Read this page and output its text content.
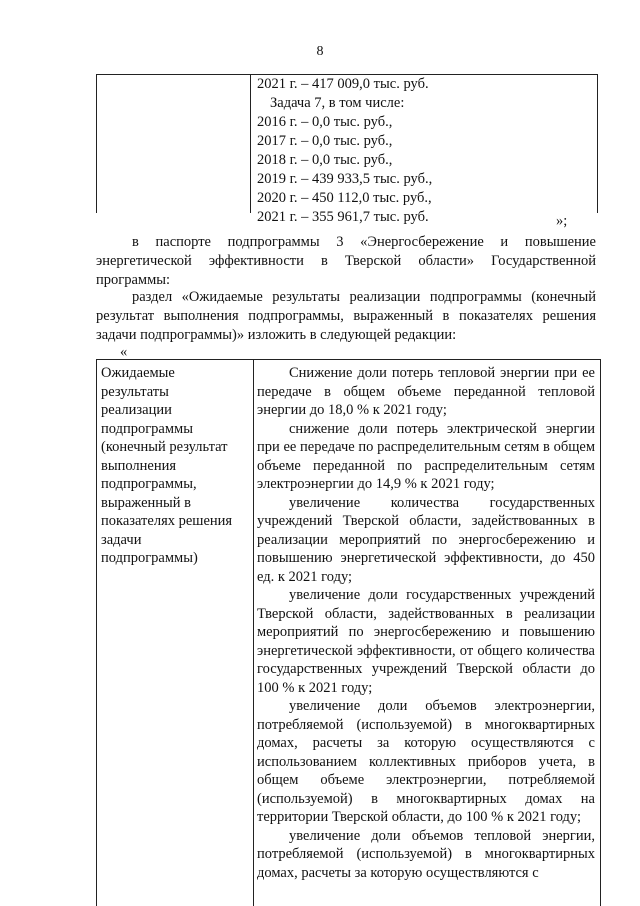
8
2021 г. – 417 009,0 тыс. руб.
Задача 7, в том числе:
2016 г. – 0,0 тыс. руб.,
2017 г. – 0,0 тыс. руб.,
2018 г. – 0,0 тыс. руб.,
2019 г. – 439 933,5 тыс. руб.,
2020 г. – 450 112,0 тыс. руб.,
2021 г. – 355 961,7 тыс. руб.	»;
в паспорте подпрограммы 3 «Энергосбережение и повышение энергетической эффективности в Тверской области» Государственной программы:
раздел «Ожидаемые результаты реализации подпрограммы (конечный результат выполнения подпрограммы, выраженный в показателях решения задачи подпрограммы)» изложить в следующей редакции:
«
Ожидаемые
результаты
реализации
подпрограммы
(конечный результат
выполнения
подпрограммы,
выраженный в
показателях решения
задачи
подпрограммы)

Снижение доли потерь тепловой энергии при ее передаче в общем объеме переданной тепловой энергии до 18,0 % к 2021 году;

снижение доли потерь электрической энергии при ее передаче по распределительным сетям в общем объеме переданной по распределительным сетям электроэнергии до 14,9 % к 2021 году;

увеличение количества государственных учреждений Тверской области, задействованных в реализации мероприятий по энергосбережению и повышению энергетической эффективности, до 450 ед. к 2021 году;

увеличение доли государственных учреждений Тверской области, задействованных в реализации мероприятий по энергосбережению и повышению энергетической эффективности, от общего количества государственных учреждений Тверской области до 100 % к 2021 году;

увеличение доли объемов электроэнергии, потребляемой (используемой) в многоквартирных домах, расчеты за которую осуществляются с использованием коллективных приборов учета, в общем объеме электроэнергии, потребляемой (используемой) в многоквартирных домах на территории Тверской области, до 100 % к 2021 году;

увеличение доли объемов тепловой энергии, потребляемой (используемой) в многоквартирных домах, расчеты за которую осуществляются с
